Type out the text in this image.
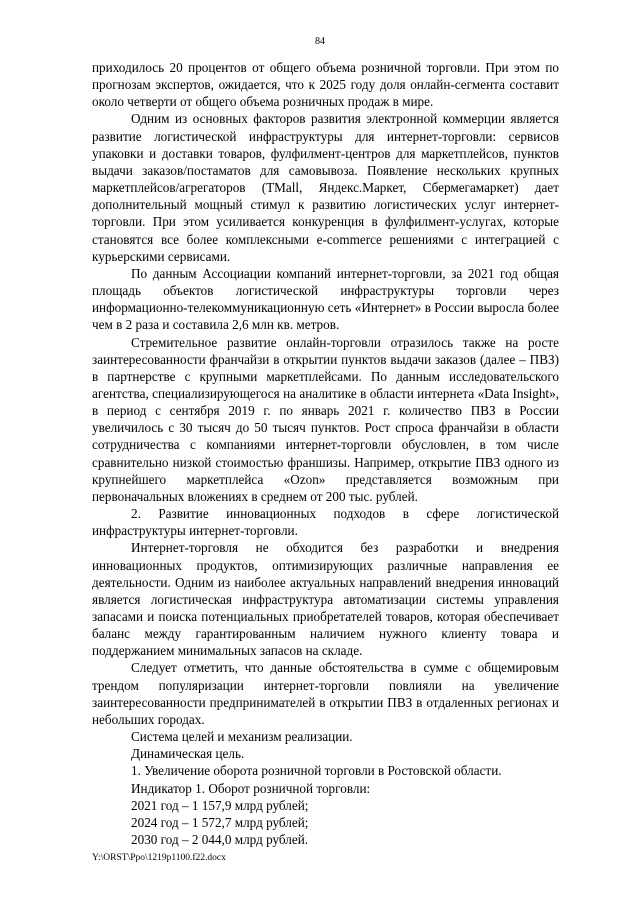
84

приходилось 20 процентов от общего объема розничной торговли. При этом по прогнозам экспертов, ожидается, что к 2025 году доля онлайн-сегмента составит около четверти от общего объема розничных продаж в мире.

Одним из основных факторов развития электронной коммерции является развитие логистической инфраструктуры для интернет-торговли: сервисов упаковки и доставки товаров, фулфилмент-центров для маркетплейсов, пунктов выдачи заказов/постаматов для самовывоза. Появление нескольких крупных маркетплейсов/агрегаторов (TMall, Яндекс.Маркет, Сбермегамаркет) дает дополнительный мощный стимул к развитию логистических услуг интернет-торговли. При этом усиливается конкуренция в фулфилмент-услугах, которые становятся все более комплексными e-commerce решениями с интеграцией с курьерскими сервисами.

По данным Ассоциации компаний интернет-торговли, за 2021 год общая площадь объектов логистической инфраструктуры торговли через информационно-телекоммуникационную сеть «Интернет» в России выросла более чем в 2 раза и составила 2,6 млн кв. метров.

Стремительное развитие онлайн-торговли отразилось также на росте заинтересованности франчайзи в открытии пунктов выдачи заказов (далее – ПВЗ) в партнерстве с крупными маркетплейсами. По данным исследовательского агентства, специализирующегося на аналитике в области интернета «Data Insight», в период с сентября 2019 г. по январь 2021 г. количество ПВЗ в России увеличилось с 30 тысяч до 50 тысяч пунктов. Рост спроса франчайзи в области сотрудничества с компаниями интернет-торговли обусловлен, в том числе сравнительно низкой стоимостью франшизы. Например, открытие ПВЗ одного из крупнейшего маркетплейса «Ozon» представляется возможным при первоначальных вложениях в среднем от 200 тыс. рублей.

2. Развитие инновационных подходов в сфере логистической инфраструктуры интернет-торговли.

Интернет-торговля не обходится без разработки и внедрения инновационных продуктов, оптимизирующих различные направления ее деятельности. Одним из наиболее актуальных направлений внедрения инноваций является логистическая инфраструктура автоматизации системы управления запасами и поиска потенциальных приобретателей товаров, которая обеспечивает баланс между гарантированным наличием нужного клиенту товара и поддержанием минимальных запасов на складе.

Следует отметить, что данные обстоятельства в сумме с общемировым трендом популяризации интернет-торговли повлияли на увеличение заинтересованности предпринимателей в открытии ПВЗ в отдаленных регионах и небольших городах.

Система целей и механизм реализации.

Динамическая цель.

1. Увеличение оборота розничной торговли в Ростовской области.

Индикатор 1. Оборот розничной торговли:

2021 год – 1 157,9 млрд рублей;

2024 год – 1 572,7 млрд рублей;

2030 год – 2 044,0 млрд рублей.

Y:\ORST\Ppo\1219p1100.f22.docx
